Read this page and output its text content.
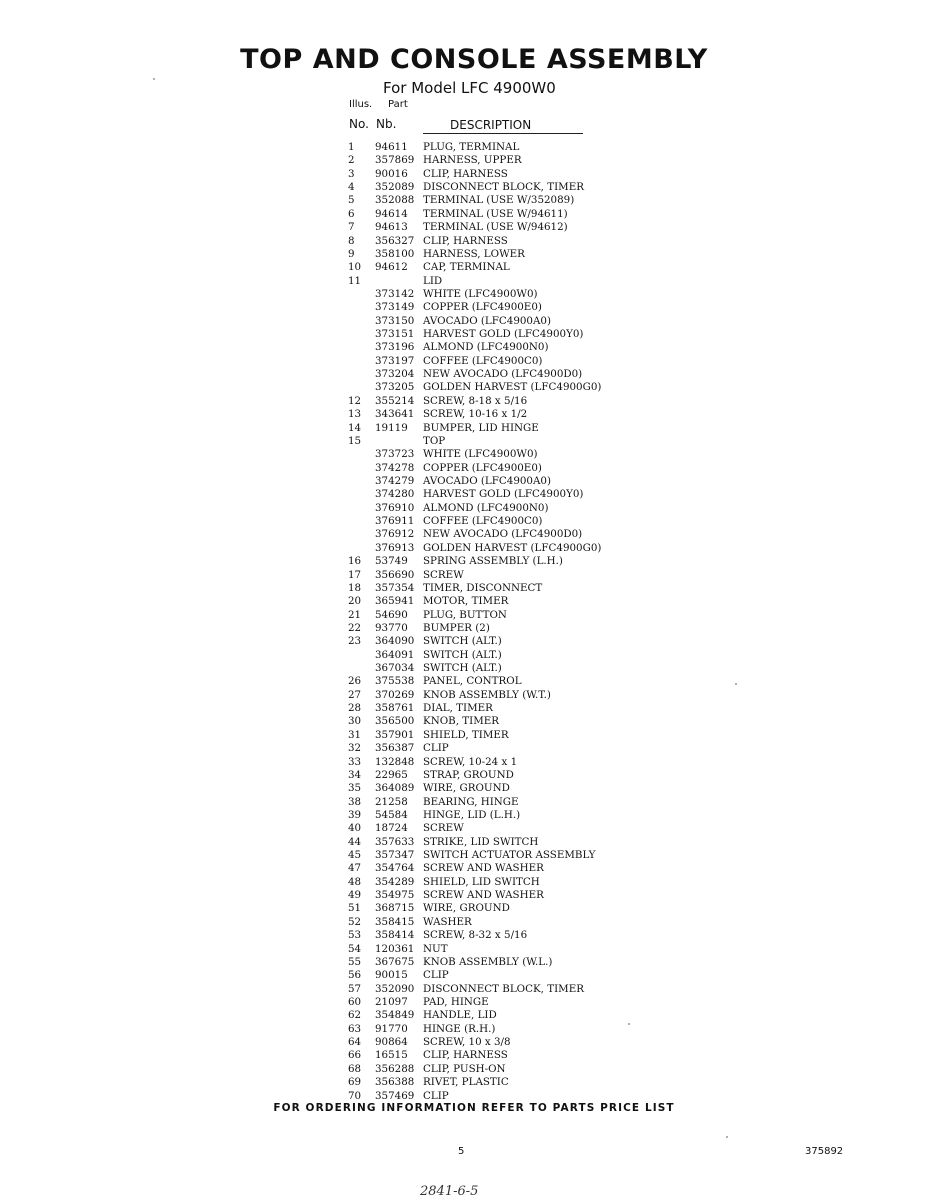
TOP AND CONSOLE ASSEMBLY
For Model LFC 4900W0
Illus. Part
No. Nb.	DESCRIPTION
1	94611	PLUG, TERMINAL
2	357869 HARNESS, UPPER
3	90016	CLIP, HARNESS
4	352089 DISCONNECT BLOCK, TIMER
5	352088 TERMINAL (USE W/352089)
6	94614	TERMINAL (USE W/94611)
7	94613	TERMINAL (USE W/94612)
8	356327 CLIP, HARNESS
9	358100 HARNESS, LOWER
10	94612	CAP, TERMINAL
11	LID
373142 WHITE (LFC4900W0)
373149 COPPER (LFC4900E0)
373150 AVOCADO (LFC4900A0)
373151 HARVEST GOLD (LFC4900Y0)
373196 ALMOND (LFC4900N0)
373197 COFFEE (LFC4900C0)
373204 NEW AVOCADO (LFC4900D0)
373205 GOLDEN HARVEST (LFC4900G0)
12	355214 SCREW, 8-18 x 5/16
13	343641 SCREW, 10-16 x 1/2
14	19119	BUMPER, LID HINGE
15	TOP
373723 WHITE (LFC4900W0)
374278 COPPER (LFC4900E0)
374279 AVOCADO (LFC4900A0)
374280 HARVEST GOLD (LFC4900Y0)
376910 ALMOND (LFC4900N0)
376911 COFFEE (LFC4900C0)
376912 NEW AVOCADO (LFC4900D0)
376913 GOLDEN HARVEST (LFC4900G0)
16	53749	SPRING ASSEMBLY (L.H.)
17	356690 SCREW
18	357354 TIMER, DISCONNECT
20	365941 MOTOR, TIMER
21	54690	PLUG, BUTTON
22	93770	BUMPER (2)
23	364090 SWITCH (ALT.)
364091 SWITCH (ALT.)
367034 SWITCH (ALT.)
26	375538 PANEL, CONTROL
27	370269 KNOB ASSEMBLY (W.T.)
28	358761 DIAL, TIMER
30	356500 KNOB, TIMER
31	357901 SHIELD, TIMER
32	356387 CLIP
33	132848 SCREW, 10-24 x 1
34	22965	STRAP, GROUND
35	364089 WIRE, GROUND
38	21258	BEARING, HINGE
39	54584	HINGE, LID (L.H.)
40	18724	SCREW
44	357633 STRIKE, LID SWITCH
45	357347 SWITCH ACTUATOR ASSEMBLY
47	354764 SCREW AND WASHER
48	354289 SHIELD, LID SWITCH
49	354975 SCREW AND WASHER
51	368715 WIRE, GROUND
52	358415 WASHER
53	358414 SCREW, 8-32 x 5/16
54	120361 NUT
55	367675 KNOB ASSEMBLY (W.L.)
56	90015	CLIP
57	352090 DISCONNECT BLOCK, TIMER
60	21097	PAD, HINGE
62	354849 HANDLE, LID
63	91770	HINGE (R.H.)
64	90864	SCREW, 10 x 3/8
66	16515	CLIP, HARNESS
68	356288 CLIP, PUSH-ON
69	356388 RIVET, PLASTIC
70	357469 CLIP
FOR ORDERING INFORMATION REFER TO PARTS PRICE LIST
5	375892
2841-6-5
